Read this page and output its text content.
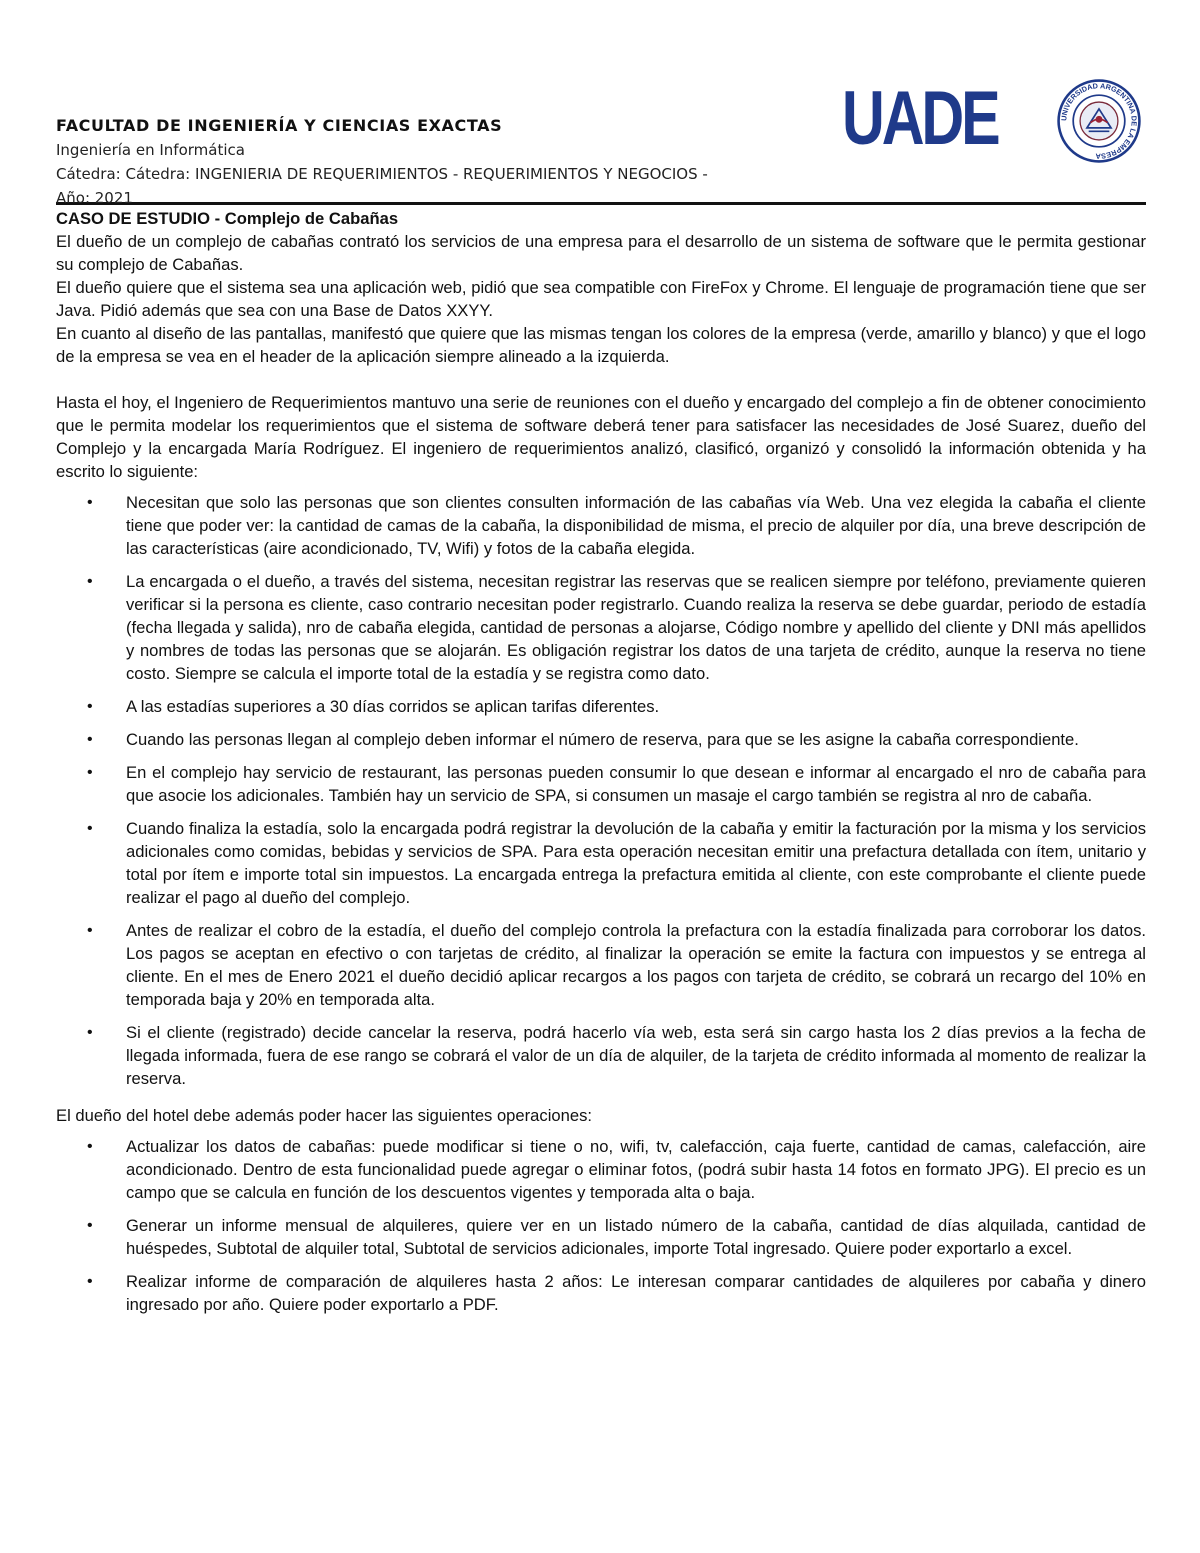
FACULTAD DE INGENIERÍA Y CIENCIAS EXACTAS
Ingeniería en Informática
Cátedra: Cátedra: INGENIERIA DE REQUERIMIENTOS - REQUERIMIENTOS Y NEGOCIOS -
Año: 2021
UADE	UNIVERSIDAD ARGENTINA DE LA EMPRESA

CASO DE ESTUDIO - Complejo de Cabañas

El dueño de un complejo de cabañas contrató los servicios de una empresa para el desarrollo de un sistema de software que le permita gestionar su complejo de Cabañas.

El dueño quiere que el sistema sea una aplicación web, pidió que sea compatible con FireFox y Chrome. El lenguaje de programación tiene que ser Java. Pidió además que sea con una Base de Datos XXYY.

En cuanto al diseño de las pantallas, manifestó que quiere que las mismas tengan los colores de la empresa (verde, amarillo y blanco) y que el logo de la empresa se vea en el header de la aplicación siempre alineado a la izquierda.

Hasta el hoy, el Ingeniero de Requerimientos mantuvo una serie de reuniones con el dueño y encargado del complejo a fin de obtener conocimiento que le permita modelar los requerimientos que el sistema de software deberá tener para satisfacer las necesidades de José Suarez, dueño del Complejo y la encargada María Rodríguez. El ingeniero de requerimientos analizó, clasificó, organizó y consolidó la información obtenida y ha escrito lo siguiente:

• Necesitan que solo las personas que son clientes consulten información de las cabañas vía Web. Una vez elegida la cabaña el cliente tiene que poder ver: la cantidad de camas de la cabaña, la disponibilidad de misma, el precio de alquiler por día, una breve descripción de las características (aire acondicionado, TV, Wifi) y fotos de la cabaña elegida.
• La encargada o el dueño, a través del sistema, necesitan registrar las reservas que se realicen siempre por teléfono, previamente quieren verificar si la persona es cliente, caso contrario necesitan poder registrarlo. Cuando realiza la reserva se debe guardar, periodo de estadía (fecha llegada y salida), nro de cabaña elegida, cantidad de personas a alojarse, Código nombre y apellido del cliente y DNI más apellidos y nombres de todas las personas que se alojarán. Es obligación registrar los datos de una tarjeta de crédito, aunque la reserva no tiene costo. Siempre se calcula el importe total de la estadía y se registra como dato.
• A las estadías superiores a 30 días corridos se aplican tarifas diferentes.
• Cuando las personas llegan al complejo deben informar el número de reserva, para que se les asigne la cabaña correspondiente.
• En el complejo hay servicio de restaurant, las personas pueden consumir lo que desean e informar al encargado el nro de cabaña para que asocie los adicionales. También hay un servicio de SPA, si consumen un masaje el cargo también se registra al nro de cabaña.
• Cuando finaliza la estadía, solo la encargada podrá registrar la devolución de la cabaña y emitir la facturación por la misma y los servicios adicionales como comidas, bebidas y servicios de SPA. Para esta operación necesitan emitir una prefactura detallada con ítem, unitario y total por ítem e importe total sin impuestos. La encargada entrega la prefactura emitida al cliente, con este comprobante el cliente puede realizar el pago al dueño del complejo.
• Antes de realizar el cobro de la estadía, el dueño del complejo controla la prefactura con la estadía finalizada para corroborar los datos. Los pagos se aceptan en efectivo o con tarjetas de crédito, al finalizar la operación se emite la factura con impuestos y se entrega al cliente. En el mes de Enero 2021 el dueño decidió aplicar recargos a los pagos con tarjeta de crédito, se cobrará un recargo del 10% en temporada baja y 20% en temporada alta.
• Si el cliente (registrado) decide cancelar la reserva, podrá hacerlo vía web, esta será sin cargo hasta los 2 días previos a la fecha de llegada informada, fuera de ese rango se cobrará el valor de un día de alquiler, de la tarjeta de crédito informada al momento de realizar la reserva.

El dueño del hotel debe además poder hacer las siguientes operaciones:

• Actualizar los datos de cabañas: puede modificar si tiene o no, wifi, tv, calefacción, caja fuerte, cantidad de camas, calefacción, aire acondicionado. Dentro de esta funcionalidad puede agregar o eliminar fotos, (podrá subir hasta 14 fotos en formato JPG). El precio es un campo que se calcula en función de los descuentos vigentes y temporada alta o baja.
• Generar un informe mensual de alquileres, quiere ver en un listado número de la cabaña, cantidad de días alquilada, cantidad de huéspedes, Subtotal de alquiler total, Subtotal de servicios adicionales, importe Total ingresado. Quiere poder exportarlo a excel.
• Realizar informe de comparación de alquileres hasta 2 años: Le interesan comparar cantidades de alquileres por cabaña y dinero ingresado por año. Quiere poder exportarlo a PDF.
